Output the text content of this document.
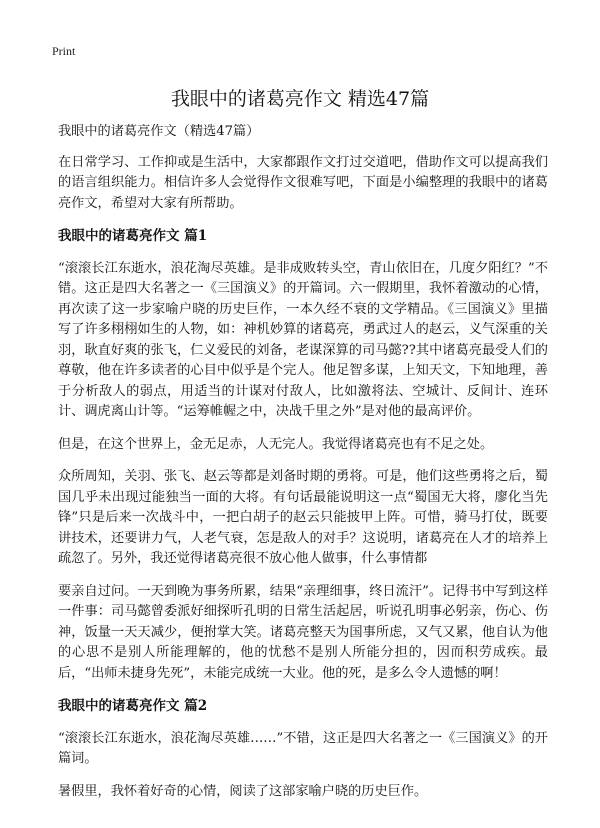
Print
我眼中的诸葛亮作文 精选47篇

我眼中的诸葛亮作文（精选47篇）

在日常学习、工作抑或是生活中，大家都跟作文打过交道吧，借助作文可以提高我们的语言组织能力。相信许多人会觉得作文很难写吧，下面是小编整理的我眼中的诸葛亮作文，希望对大家有所帮助。

我眼中的诸葛亮作文 篇1

“滚滚长江东逝水，浪花淘尽英雄。是非成败转头空，青山依旧在，几度夕阳红？”不错。这正是四大名著之一《三国演义》的开篇词。六一假期里，我怀着激动的心情，再次读了这一步家喻户晓的历史巨作，一本久经不衰的文学精品。《三国演义》里描写了许多栩栩如生的人物，如：神机妙算的诸葛亮，勇武过人的赵云，义气深重的关羽，耿直好爽的张飞，仁义爱民的刘备，老谋深算的司马懿??其中诸葛亮最受人们的尊敬，他在许多读者的心目中似乎是个完人。他足智多谋，上知天文，下知地理，善于分析敌人的弱点，用适当的计谋对付敌人，比如激将法、空城计、反间计、连环计、调虎离山计等。“运筹帷幄之中，决战千里之外”是对他的最高评价。

但是，在这个世界上，金无足赤，人无完人。我觉得诸葛亮也有不足之处。

众所周知，关羽、张飞、赵云等都是刘备时期的勇将。可是，他们这些勇将之后，蜀国几乎未出现过能独当一面的大将。有句话最能说明这一点“蜀国无大将，廖化当先锋”只是后来一次战斗中，一把白胡子的赵云只能披甲上阵。可惜，骑马打仗，既要讲技术，还要讲力气，人老气衰，怎是敌人的对手？这说明，诸葛亮在人才的培养上疏忽了。另外，我还觉得诸葛亮很不放心他人做事，什么事情都

要亲自过问。一天到晚为事务所累，结果“亲理细事，终日流汗”。记得书中写到这样一件事：司马懿曾委派好细探听孔明的日常生活起居，听说孔明事必躬亲，伤心、伤神，饭量一天天减少，便拊掌大笑。诸葛亮整天为国事所虑，又气又累，他自认为他的心思不是别人所能理解的，他的忧愁不是别人所能分担的，因而积劳成疾。最后，“出师未捷身先死”，未能完成统一大业。他的死，是多么令人遗憾的啊！

我眼中的诸葛亮作文 篇2

“滚滚长江东逝水，浪花淘尽英雄……”不错，这正是四大名著之一《三国演义》的开篇词。

暑假里，我怀着好奇的心情，阅读了这部家喻户晓的历史巨作。
